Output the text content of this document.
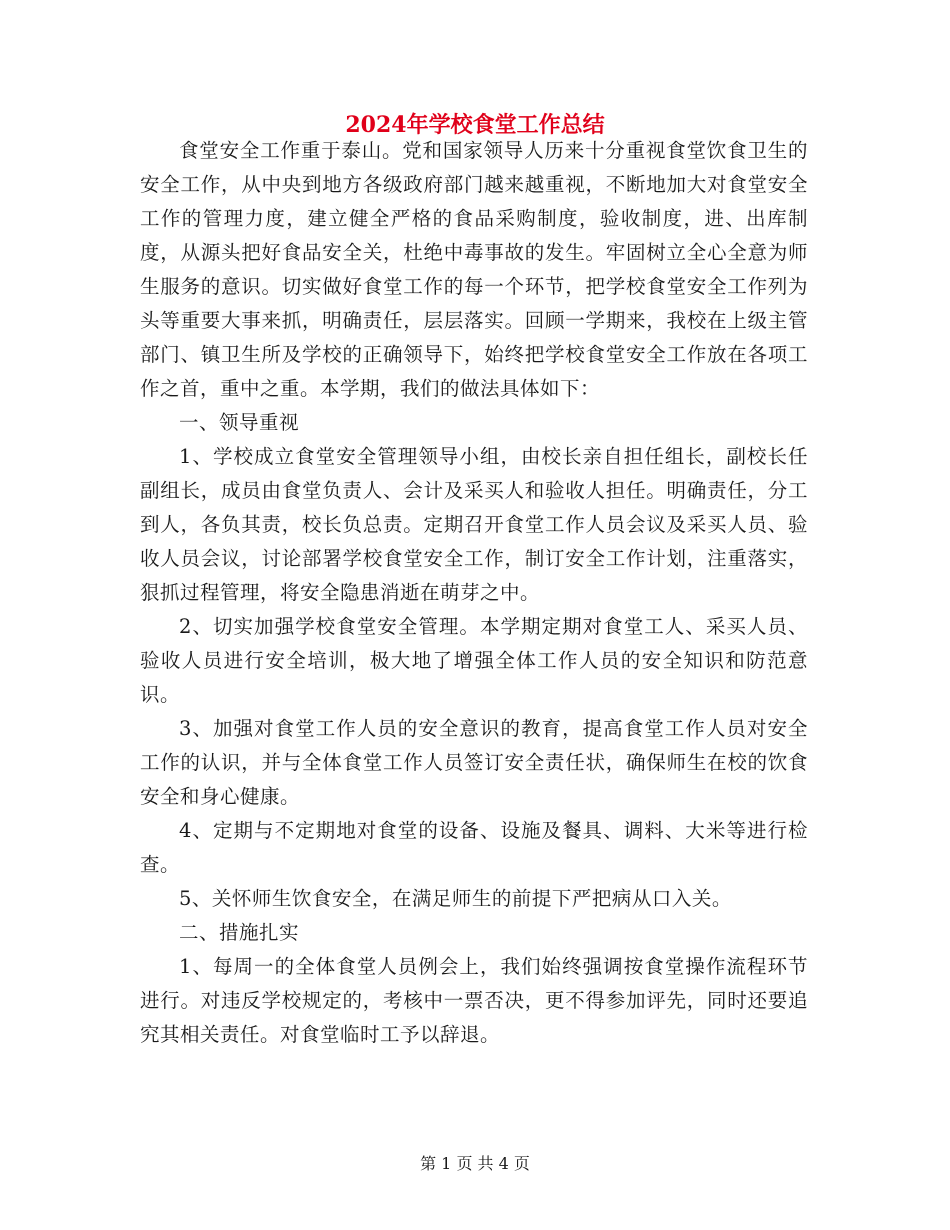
2024年学校食堂工作总结

食堂安全工作重于泰山。党和国家领导人历来十分重视食堂饮食卫生的安全工作，从中央到地方各级政府部门越来越重视，不断地加大对食堂安全工作的管理力度，建立健全严格的食品采购制度，验收制度，进、出库制度，从源头把好食品安全关，杜绝中毒事故的发生。牢固树立全心全意为师生服务的意识。切实做好食堂工作的每一个环节，把学校食堂安全工作列为头等重要大事来抓，明确责任，层层落实。回顾一学期来，我校在上级主管部门、镇卫生所及学校的正确领导下，始终把学校食堂安全工作放在各项工作之首，重中之重。本学期，我们的做法具体如下：

一、领导重视

1、学校成立食堂安全管理领导小组，由校长亲自担任组长，副校长任副组长，成员由食堂负责人、会计及采买人和验收人担任。明确责任，分工到人，各负其责，校长负总责。定期召开食堂工作人员会议及采买人员、验收人员会议，讨论部署学校食堂安全工作，制订安全工作计划，注重落实，狠抓过程管理，将安全隐患消逝在萌芽之中。

2、切实加强学校食堂安全管理。本学期定期对食堂工人、采买人员、验收人员进行安全培训，极大地了增强全体工作人员的安全知识和防范意识。

3、加强对食堂工作人员的安全意识的教育，提高食堂工作人员对安全工作的认识，并与全体食堂工作人员签订安全责任状，确保师生在校的饮食安全和身心健康。

4、定期与不定期地对食堂的设备、设施及餐具、调料、大米等进行检查。

5、关怀师生饮食安全，在满足师生的前提下严把病从口入关。

二、措施扎实

1、每周一的全体食堂人员例会上，我们始终强调按食堂操作流程环节进行。对违反学校规定的，考核中一票否决，更不得参加评先，同时还要追究其相关责任。对食堂临时工予以辞退。

第 1 页 共 4 页
